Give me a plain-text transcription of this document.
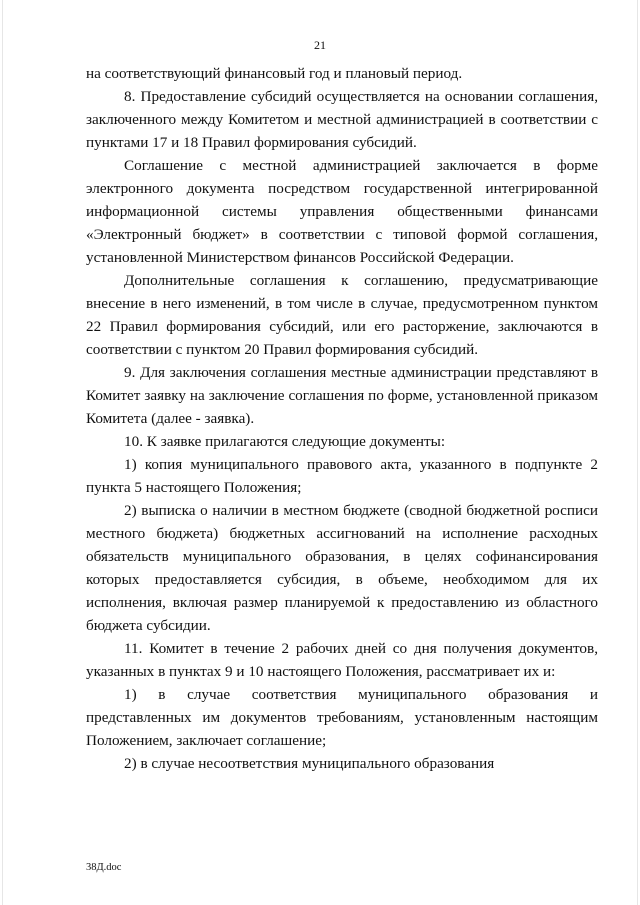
21

на соответствующий финансовый год и плановый период.

8. Предоставление субсидий осуществляется на основании соглашения, заключенного между Комитетом и местной администрацией в соответствии с пунктами 17 и 18 Правил формирования субсидий.

Соглашение с местной администрацией заключается в форме электронного документа посредством государственной интегрированной информационной системы управления общественными финансами «Электронный бюджет» в соответствии с типовой формой соглашения, установленной Министерством финансов Российской Федерации.

Дополнительные соглашения к соглашению, предусматривающие внесение в него изменений, в том числе в случае, предусмотренном пунктом 22 Правил формирования субсидий, или его расторжение, заключаются в соответствии с пунктом 20 Правил формирования субсидий.

9. Для заключения соглашения местные администрации представляют в Комитет заявку на заключение соглашения по форме, установленной приказом Комитета (далее - заявка).

10. К заявке прилагаются следующие документы:

1) копия муниципального правового акта, указанного в подпункте 2 пункта 5 настоящего Положения;

2) выписка о наличии в местном бюджете (сводной бюджетной росписи местного бюджета) бюджетных ассигнований на исполнение расходных обязательств муниципального образования, в целях софинансирования которых предоставляется субсидия, в объеме, необходимом для их исполнения, включая размер планируемой к предоставлению из областного бюджета субсидии.

11. Комитет в течение 2 рабочих дней со дня получения документов, указанных в пунктах 9 и 10 настоящего Положения, рассматривает их и:

1) в случае соответствия муниципального образования и представленных им документов требованиям, установленным настоящим Положением, заключает соглашение;

2) в случае несоответствия муниципального образования

38Д.doc
